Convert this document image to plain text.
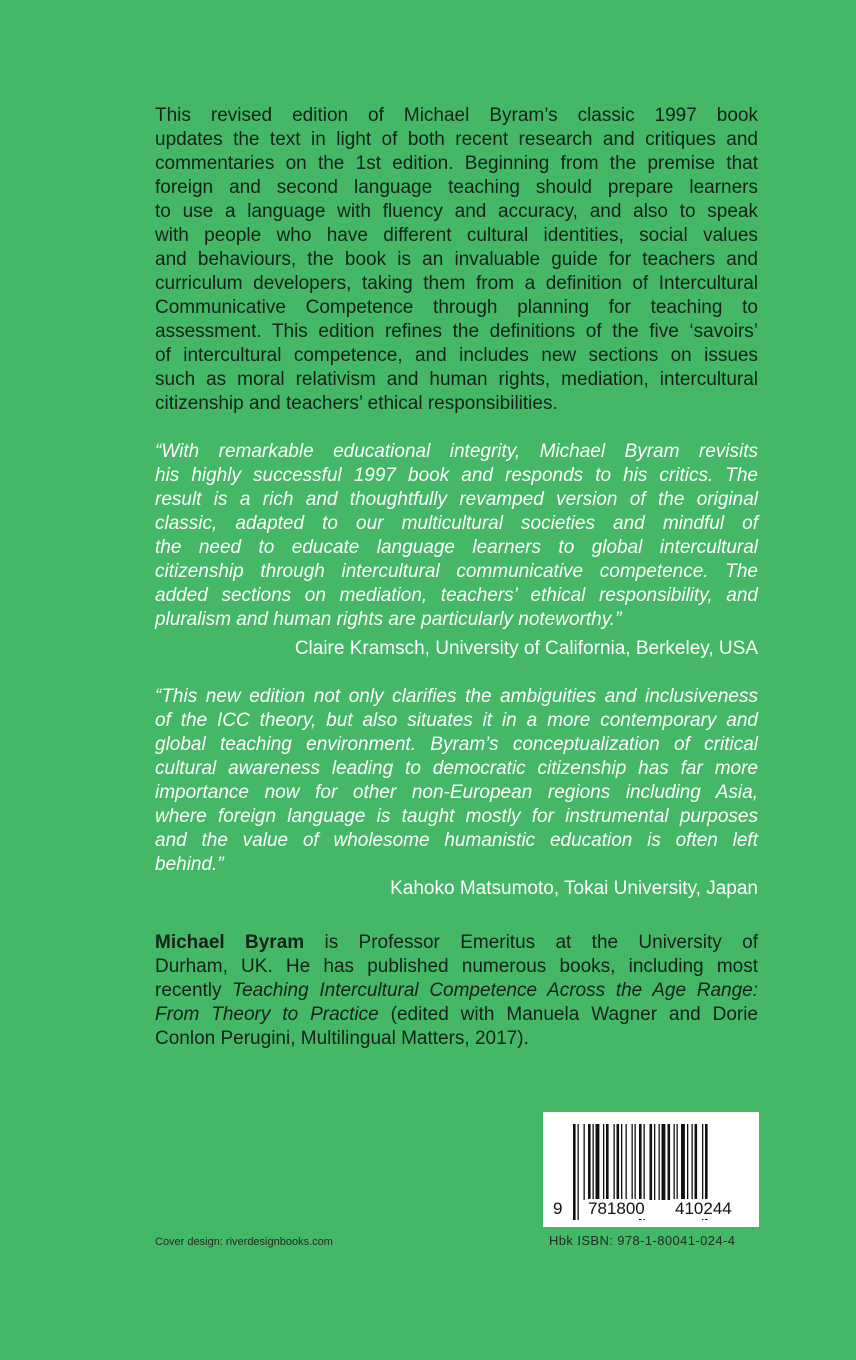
This revised edition of Michael Byram’s classic 1997 book
updates the text in light of both recent research and critiques and
commentaries on the 1st edition. Beginning from the premise that
foreign and second language teaching should prepare learners
to use a language with fluency and accuracy, and also to speak
with people who have different cultural identities, social values
and behaviours, the book is an invaluable guide for teachers and
curriculum developers, taking them from a definition of Intercultural
Communicative Competence through planning for teaching to
assessment. This edition refines the definitions of the five ‘savoirs’
of intercultural competence, and includes new sections on issues
such as moral relativism and human rights, mediation, intercultural
citizenship and teachers’ ethical responsibilities.
“With remarkable educational integrity, Michael Byram revisits
his highly successful 1997 book and responds to his critics. The
result is a rich and thoughtfully revamped version of the original
classic, adapted to our multicultural societies and mindful of
the need to educate language learners to global intercultural
citizenship through intercultural communicative competence. The
added sections on mediation, teachers’ ethical responsibility, and
pluralism and human rights are particularly noteworthy.”
Claire Kramsch, University of California, Berkeley, USA
“This new edition not only clarifies the ambiguities and inclusiveness
of the ICC theory, but also situates it in a more contemporary and
global teaching environment. Byram’s conceptualization of critical
cultural awareness leading to democratic citizenship has far more
importance now for other non-European regions including Asia,
where foreign language is taught mostly for instrumental purposes
and the value of wholesome humanistic education is often left
behind.”
Kahoko Matsumoto, Tokai University, Japan
Michael Byram is Professor Emeritus at the University of
Durham, UK. He has published numerous books, including most
recently Teaching Intercultural Competence Across the Age Range:
From Theory to Practice (edited with Manuela Wagner and Dorie
Conlon Perugini, Multilingual Matters, 2017).
9 781800 410244
Hbk ISBN: 978-1-80041-024-4
Cover design: riverdesignbooks.com
